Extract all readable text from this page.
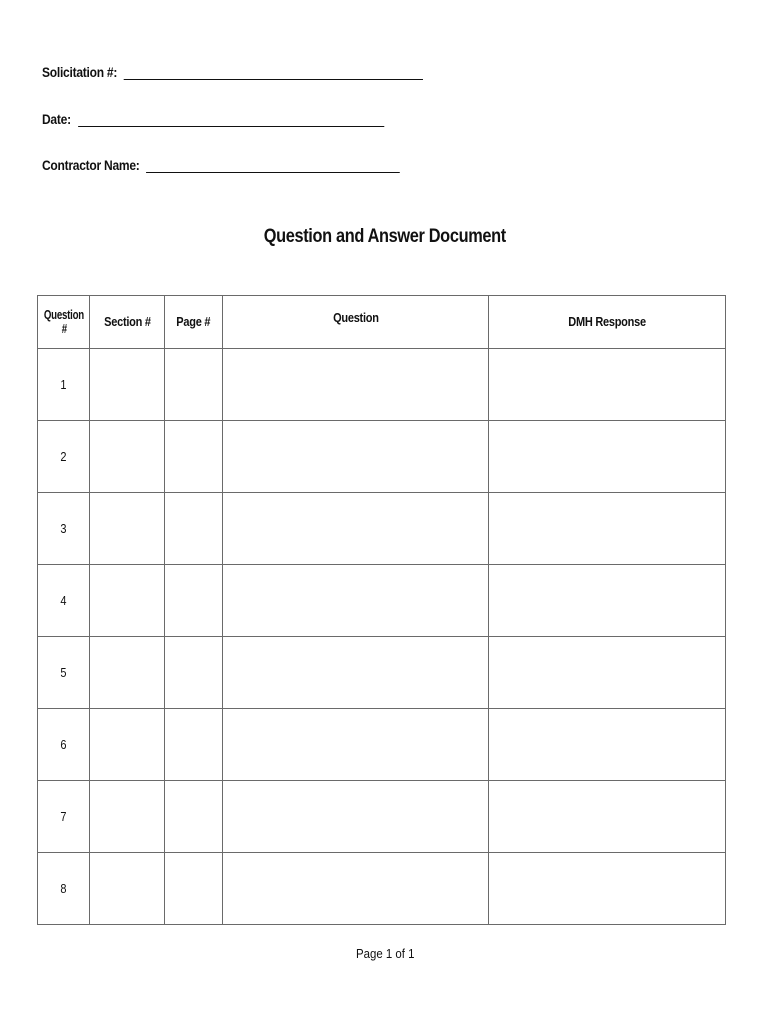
Solicitation #:
Date:
Contractor Name:
Question and Answer Document
Question
#	Section #	Page #	Question	DMH Response
1				
2				
3				
4				
5				
6				
7				
8				
Page 1 of 1
